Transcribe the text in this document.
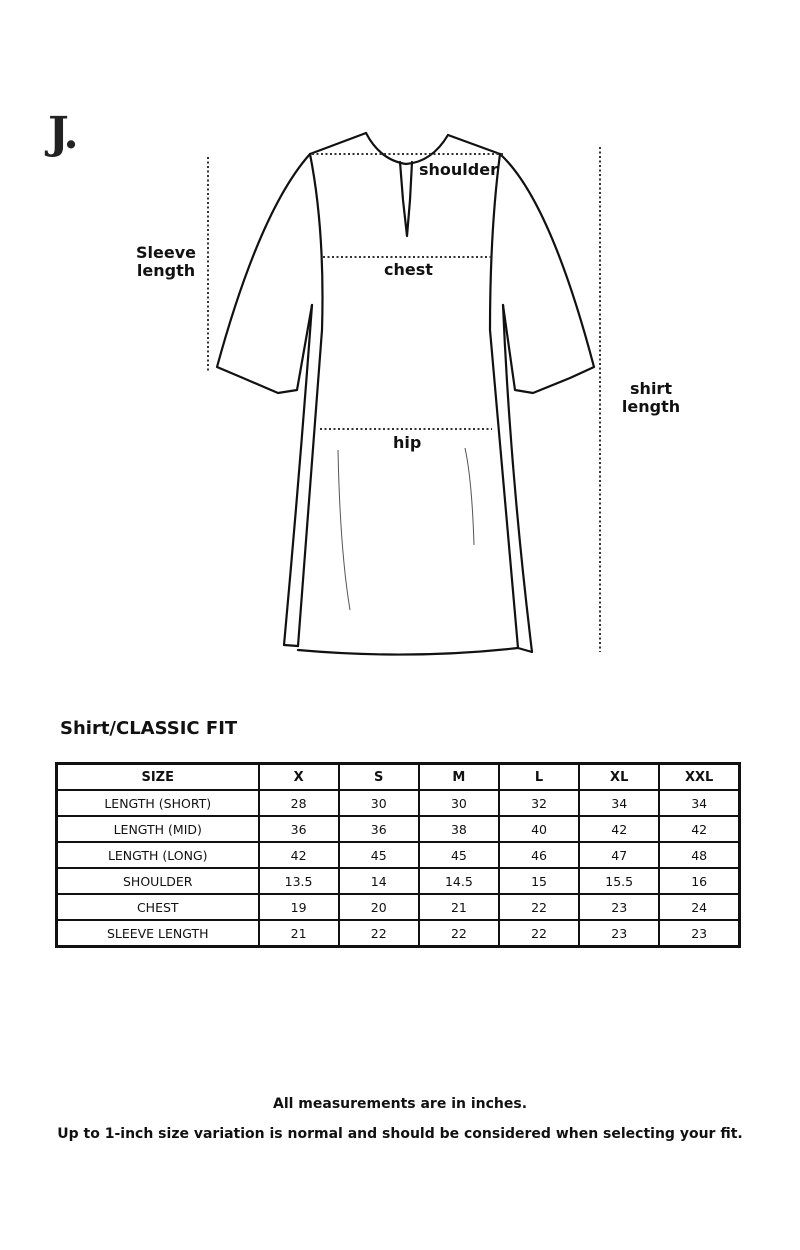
J.
shoulder
chest
hip
Sleeve
length
shirt
length
Shirt/CLASSIC FIT
SIZE	X	S	M	L	XL	XXL
LENGTH (SHORT)	28	30	30	32	34	34
LENGTH (MID)	36	36	38	40	42	42
LENGTH (LONG)	42	45	45	46	47	48
SHOULDER	13.5	14	14.5	15	15.5	16
CHEST	19	20	21	22	23	24
SLEEVE LENGTH	21	22	22	22	23	23
All measurements are in inches.
Up to 1-inch size variation is normal and should be considered when selecting your fit.
